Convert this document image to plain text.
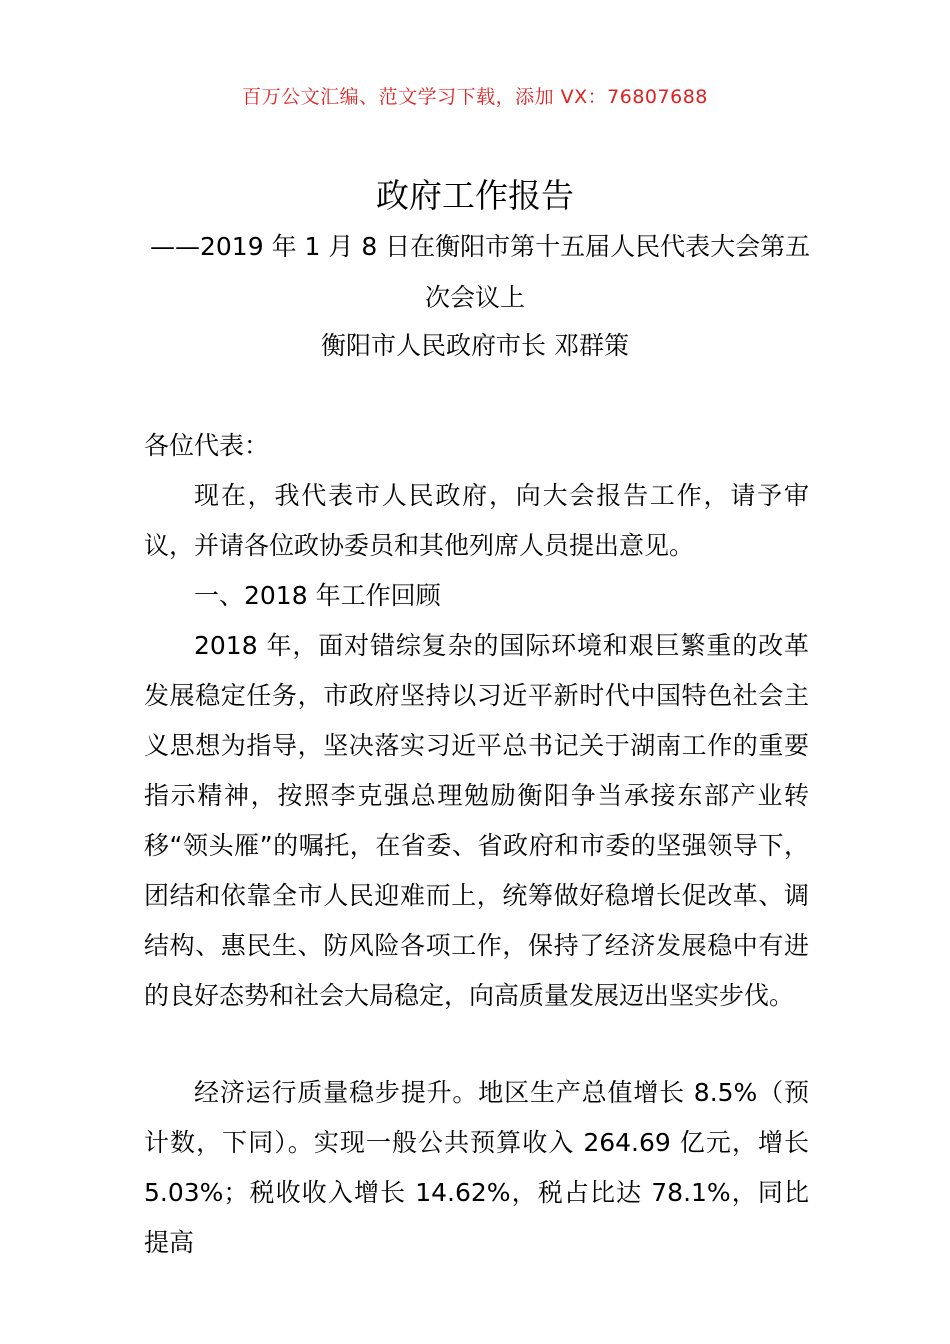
百万公文汇编、范文学习下载，添加 VX：76807688
政府工作报告
——2019 年 1 月 8 日在衡阳市第十五届人民代表大会第五
次会议上
衡阳市人民政府市长 邓群策
各位代表：
现在，我代表市人民政府，向大会报告工作，请予审议，并请各位政协委员和其他列席人员提出意见。
一、2018 年工作回顾
2018 年，面对错综复杂的国际环境和艰巨繁重的改革发展稳定任务，市政府坚持以习近平新时代中国特色社会主义思想为指导，坚决落实习近平总书记关于湖南工作的重要指示精神，按照李克强总理勉励衡阳争当承接东部产业转移“领头雁”的嘱托，在省委、省政府和市委的坚强领导下，团结和依靠全市人民迎难而上，统筹做好稳增长促改革、调结构、惠民生、防风险各项工作，保持了经济发展稳中有进的良好态势和社会大局稳定，向高质量发展迈出坚实步伐。
经济运行质量稳步提升。地区生产总值增长 8.5%（预计数，下同）。实现一般公共预算收入 264.69 亿元，增长 5.03%；税收收入增长 14.62%，税占比达 78.1%，同比提高
